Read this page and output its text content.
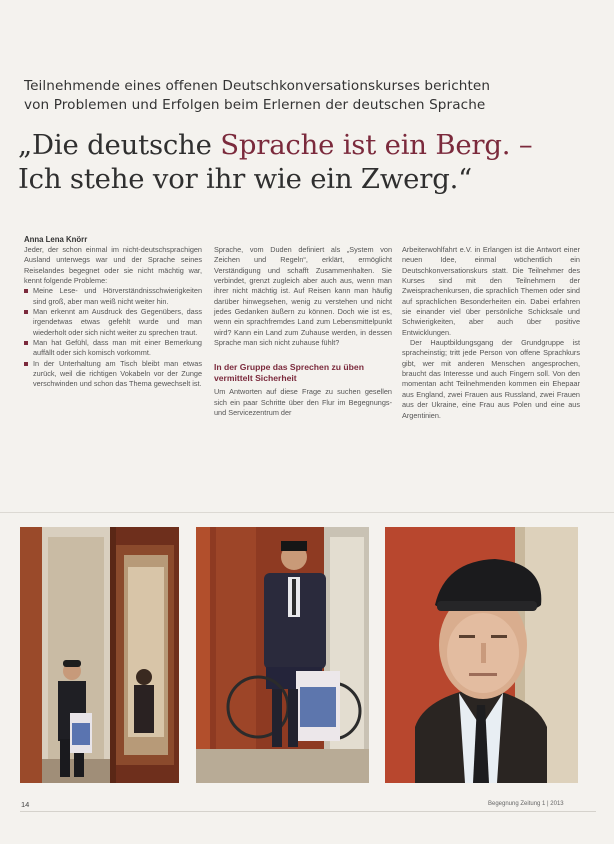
Teilnehmende eines offenen Deutschkonversationskurses berichten
von Problemen und Erfolgen beim Erlernen der deutschen Sprache
„Die deutsche Sprache ist ein Berg. –
Ich stehe vor ihr wie ein Zwerg.“
Anna Lena Knörr

Jeder, der schon einmal im nicht-deutschsprachigen Ausland unterwegs war und der Sprache seines Reiselandes begegnet oder sie nicht mächtig war, kennt folgende Probleme:

Meine Lese- und Hörverständnisschwierigkeiten sind groß, aber man weiß nicht weiter hin.
Man erkennt am Ausdruck des Gegenübers, dass irgendetwas etwas gefehlt wurde und man wiederholt oder sich nicht weiter zu sprechen traut.
Man hat Gefühl, dass man mit einer Bemerkung auffällt oder sich komisch vorkommt.
In der Unterhaltung am Tisch bleibt man etwas zurück, weil die richtigen Vokabeln vor der Zunge verschwinden und schon das Thema gewechselt ist.

Sprache, vom Duden definiert als „System von Zeichen und Regeln“, erklärt, ermöglicht Verständigung und schafft Zusammenhalten. Sie verbindet, grenzt zugleich aber auch aus, wenn man ihrer nicht mächtig ist. Auf Reisen kann man häufig darüber hinwegsehen, wenig zu verstehen und nicht jedes Gedanken äußern zu können. Doch wie ist es, wenn ein sprachfremdes Land zum Lebensmittelpunkt wird? Kann ein Land zum Zuhause werden, in dessen Sprache man sich nicht zuhause fühlt?

In der Gruppe das Sprechen zu üben vermittelt Sicherheit

Um Antworten auf diese Frage zu suchen gesellen sich ein paar Schritte über den Flur im Begegnungs- und Servicezentrum der

Arbeiterwohlfahrt e.V. in Erlangen ist die Antwort einer neuen Idee, einmal wöchentlich ein Deutschkonversationskurs statt. Die Teilnehmer des Kurses sind mit den Teilnehmern der Zweisprachenkursen, die sprachlich Themen oder sind auf sprachlichen Besonderheiten ein. Dabei erfahren sie einander viel über persönliche Schicksale und Schwierigkeiten, aber auch über positive Entwicklungen.

Der Hauptbildungsgang der Grundgruppe ist spracheinstig; tritt jede Person von offene Sprachkurs gibt, wer mit anderen Menschen angesprochen, braucht das Interesse und auch Fingern soll. Von den momentan acht Teilnehmenden kommen ein Ehepaar aus England, zwei Frauen aus Russland, zwei Frauen aus der Ukraine, eine Frau aus Polen und eine aus Argentinien.

14	Begegnung Zeitung 1 | 2013
